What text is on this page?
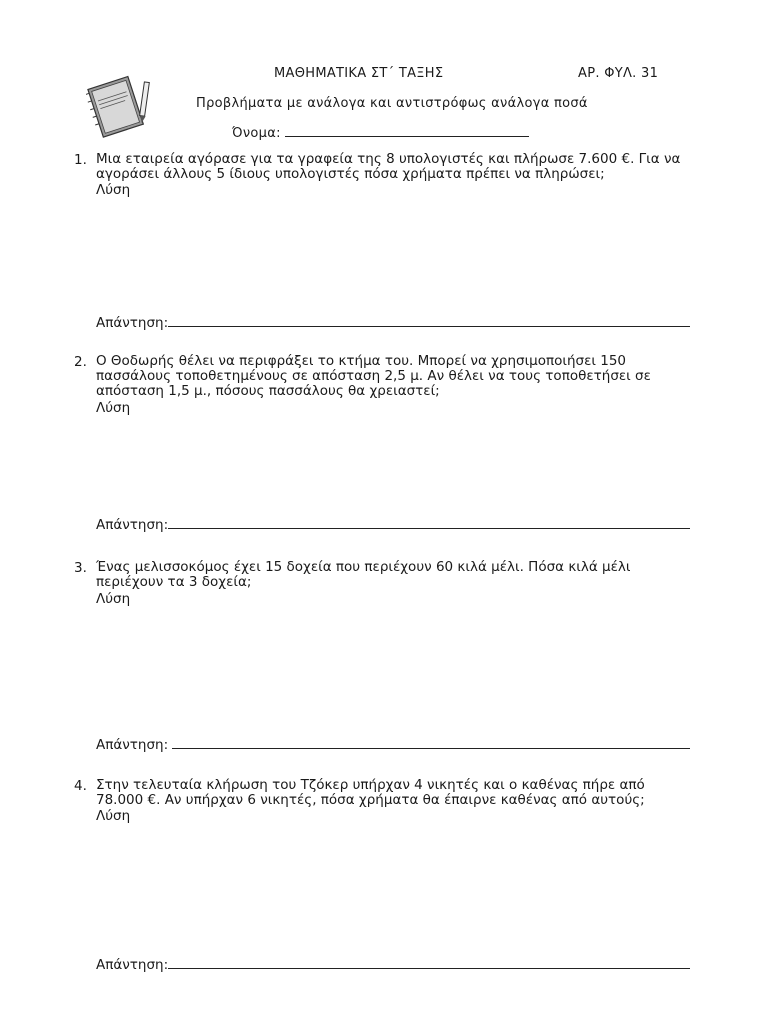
ΜΑΘΗΜΑΤΙΚΑ ΣΤ΄ ΤΑΞΗΣ	ΑΡ. ΦΥΛ. 31
Προβλήματα με ανάλογα και αντιστρόφως ανάλογα ποσά
Όνομα:
1. Μια εταιρεία αγόρασε για τα γραφεία της 8 υπολογιστές και πλήρωσε 7.600 €. Για να αγοράσει άλλους 5 ίδιους υπολογιστές πόσα χρήματα πρέπει να πληρώσει;
Λύση
Απάντηση:
2. Ο Θοδωρής θέλει να περιφράξει το κτήμα του. Μπορεί να χρησιμοποιήσει 150 πασσάλους τοποθετημένους σε απόσταση 2,5 μ. Αν θέλει να τους τοποθετήσει σε απόσταση 1,5 μ., πόσους πασσάλους θα χρειαστεί;
Λύση
Απάντηση:
3. Ένας μελισσοκόμος έχει 15 δοχεία που περιέχουν 60 κιλά μέλι. Πόσα κιλά μέλι περιέχουν τα 3 δοχεία;
Λύση
Απάντηση:
4. Στην τελευταία κλήρωση του Τζόκερ υπήρχαν 4 νικητές και ο καθένας πήρε από 78.000 €. Αν υπήρχαν 6 νικητές, πόσα χρήματα θα έπαιρνε καθένας από αυτούς;
Λύση
Απάντηση:
